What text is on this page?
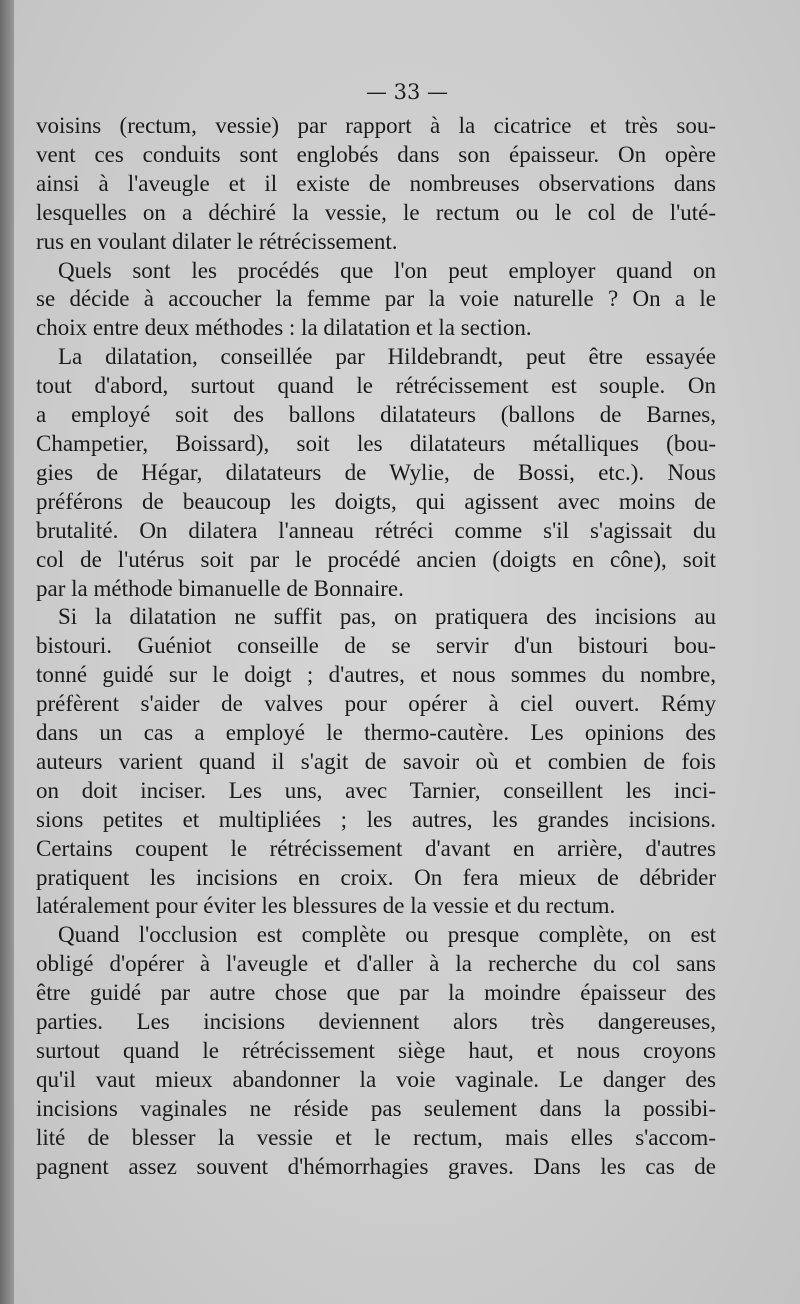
— 33 —

voisins (rectum, vessie) par rapport à la cicatrice et très sou-
vent ces conduits sont englobés dans son épaisseur. On opère
ainsi à l'aveugle et il existe de nombreuses observations dans
lesquelles on a déchiré la vessie, le rectum ou le col de l'uté-
rus en voulant dilater le rétrécissement.

Quels sont les procédés que l'on peut employer quand on
se décide à accoucher la femme par la voie naturelle ? On a le
choix entre deux méthodes : la dilatation et la section.

La dilatation, conseillée par Hildebrandt, peut être essayée
tout d'abord, surtout quand le rétrécissement est souple. On
a employé soit des ballons dilatateurs (ballons de Barnes,
Champetier, Boissard), soit les dilatateurs métalliques (bou-
gies de Hégar, dilatateurs de Wylie, de Bossi, etc.). Nous
préférons de beaucoup les doigts, qui agissent avec moins de
brutalité. On dilatera l'anneau rétréci comme s'il s'agissait du
col de l'utérus soit par le procédé ancien (doigts en cône), soit
par la méthode bimanuelle de Bonnaire.

Si la dilatation ne suffit pas, on pratiquera des incisions au
bistouri. Guéniot conseille de se servir d'un bistouri bou-
tonné guidé sur le doigt ; d'autres, et nous sommes du nombre,
préfèrent s'aider de valves pour opérer à ciel ouvert. Rémy
dans un cas a employé le thermo-cautère. Les opinions des
auteurs varient quand il s'agit de savoir où et combien de fois
on doit inciser. Les uns, avec Tarnier, conseillent les inci-
sions petites et multipliées ; les autres, les grandes incisions.
Certains coupent le rétrécissement d'avant en arrière, d'autres
pratiquent les incisions en croix. On fera mieux de débrider
latéralement pour éviter les blessures de la vessie et du rectum.

Quand l'occlusion est complète ou presque complète, on est
obligé d'opérer à l'aveugle et d'aller à la recherche du col sans
être guidé par autre chose que par la moindre épaisseur des
parties. Les incisions deviennent alors très dangereuses,
surtout quand le rétrécissement siège haut, et nous croyons
qu'il vaut mieux abandonner la voie vaginale. Le danger des
incisions vaginales ne réside pas seulement dans la possibi-
lité de blesser la vessie et le rectum, mais elles s'accom-
pagnent assez souvent d'hémorrhagies graves. Dans les cas de
